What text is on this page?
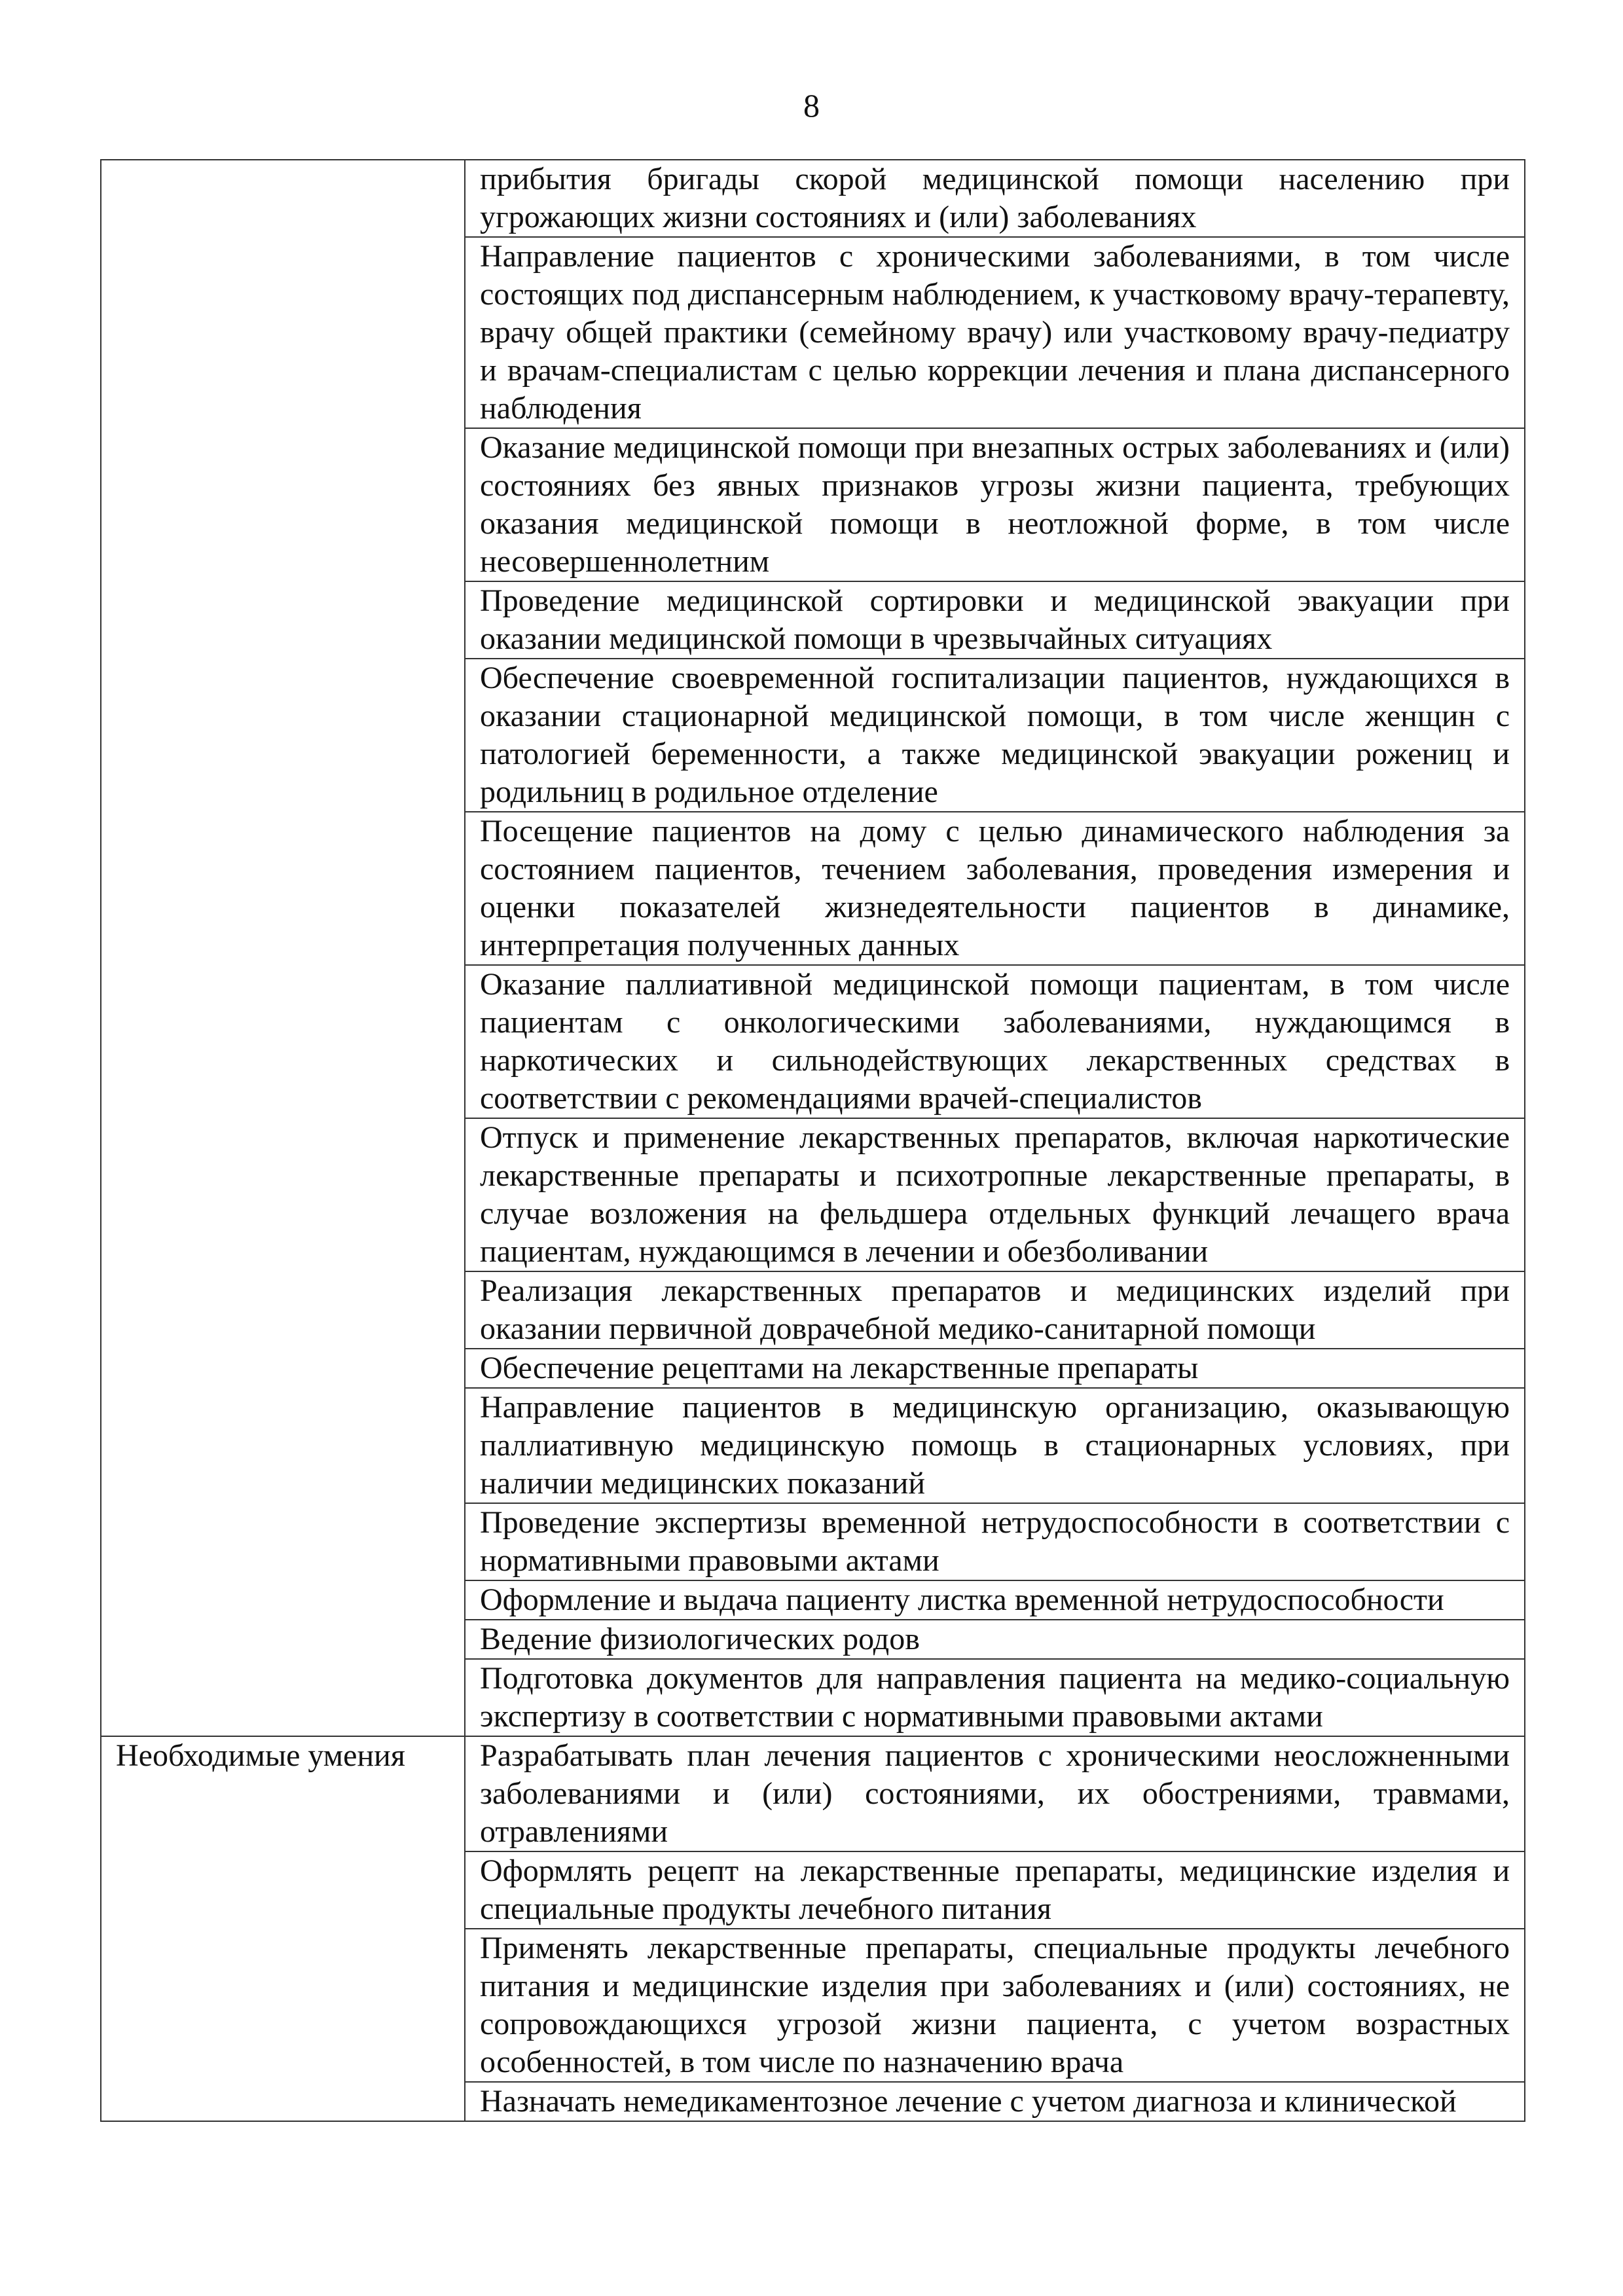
8
	прибытия бригады скорой медицинской помощи населению при угрожающих жизни состояниях и (или) заболеваниях
	Направление пациентов с хроническими заболеваниями, в том числе состоящих под диспансерным наблюдением, к участковому врачу-терапевту, врачу общей практики (семейному врачу) или участковому врачу-педиатру и врачам-специалистам с целью коррекции лечения и плана диспансерного наблюдения
	Оказание медицинской помощи при внезапных острых заболеваниях и (или) состояниях без явных признаков угрозы жизни пациента, требующих оказания медицинской помощи в неотложной форме, в том числе несовершеннолетним
	Проведение медицинской сортировки и медицинской эвакуации при оказании медицинской помощи в чрезвычайных ситуациях
	Обеспечение своевременной госпитализации пациентов, нуждающихся в оказании стационарной медицинской помощи, в том числе женщин с патологией беременности, а также медицинской эвакуации рожениц и родильниц в родильное отделение
	Посещение пациентов на дому с целью динамического наблюдения за состоянием пациентов, течением заболевания, проведения измерения и оценки показателей жизнедеятельности пациентов в динамике, интерпретация полученных данных
	Оказание паллиативной медицинской помощи пациентам, в том числе пациентам с онкологическими заболеваниями, нуждающимся в наркотических и сильнодействующих лекарственных средствах в соответствии с рекомендациями врачей-специалистов
	Отпуск и применение лекарственных препаратов, включая наркотические лекарственные препараты и психотропные лекарственные препараты, в случае возложения на фельдшера отдельных функций лечащего врача пациентам, нуждающимся в лечении и обезболивании
	Реализация лекарственных препаратов и медицинских изделий при оказании первичной доврачебной медико-санитарной помощи
	Обеспечение рецептами на лекарственные препараты
	Направление пациентов в медицинскую организацию, оказывающую паллиативную медицинскую помощь в стационарных условиях, при наличии медицинских показаний
	Проведение экспертизы временной нетрудоспособности в соответствии с нормативными правовыми актами
	Оформление и выдача пациенту листка временной нетрудоспособности
	Ведение физиологических родов
	Подготовка документов для направления пациента на медико-социальную экспертизу в соответствии с нормативными правовыми актами
Необходимые умения	Разрабатывать план лечения пациентов с хроническими неосложненными заболеваниями и (или) состояниями, их обострениями, травмами, отравлениями
	Оформлять рецепт на лекарственные препараты, медицинские изделия и специальные продукты лечебного питания
	Применять лекарственные препараты, специальные продукты лечебного питания и медицинские изделия при заболеваниях и (или) состояниях, не сопровождающихся угрозой жизни пациента, с учетом возрастных особенностей, в том числе по назначению врача
	Назначать немедикаментозное лечение с учетом диагноза и клинической
